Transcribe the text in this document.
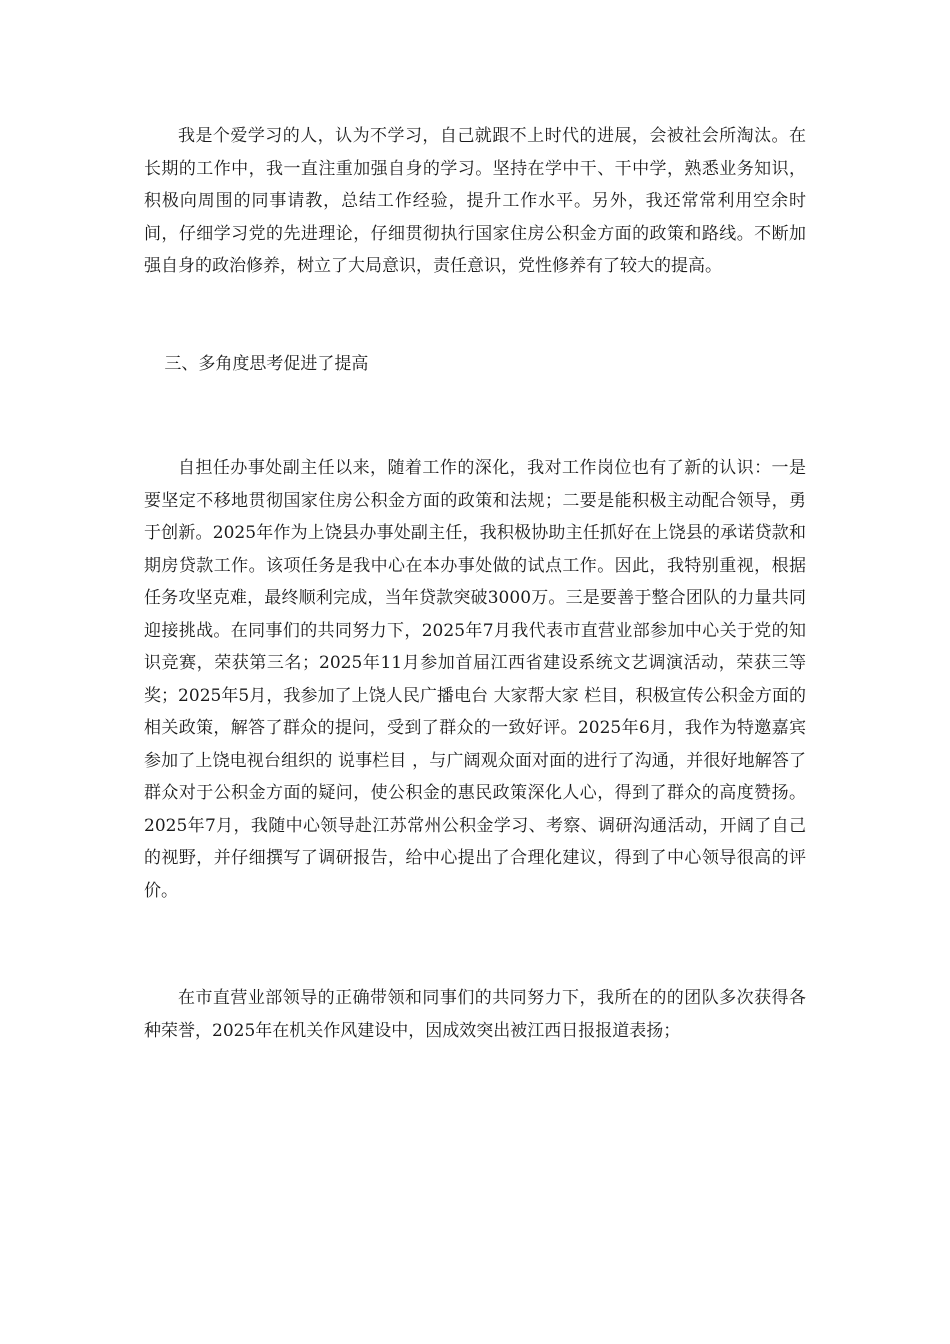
我是个爱学习的人，认为不学习，自己就跟不上时代的进展，会被社会所淘汰。在长期的工作中，我一直注重加强自身的学习。坚持在学中干、干中学，熟悉业务知识，积极向周围的同事请教，总结工作经验，提升工作水平。另外，我还常常利用空余时间，仔细学习党的先进理论，仔细贯彻执行国家住房公积金方面的政策和路线。不断加强自身的政治修养，树立了大局意识，责任意识，党性修养有了较大的提高。

三、多角度思考促进了提高

自担任办事处副主任以来，随着工作的深化，我对工作岗位也有了新的认识：一是要坚定不移地贯彻国家住房公积金方面的政策和法规；二要是能积极主动配合领导，勇于创新。2025年作为上饶县办事处副主任，我积极协助主任抓好在上饶县的承诺贷款和期房贷款工作。该项任务是我中心在本办事处做的试点工作。因此，我特别重视，根据任务攻坚克难，最终顺利完成，当年贷款突破3000万。三是要善于整合团队的力量共同迎接挑战。在同事们的共同努力下，2025年7月我代表市直营业部参加中心关于党的知识竞赛，荣获第三名；2025年11月参加首届江西省建设系统文艺调演活动，荣获三等奖；2025年5月，我参加了上饶人民广播电台 大家帮大家 栏目，积极宣传公积金方面的相关政策，解答了群众的提问，受到了群众的一致好评。2025年6月，我作为特邀嘉宾参加了上饶电视台组织的 说事栏目 ，与广阔观众面对面的进行了沟通，并很好地解答了群众对于公积金方面的疑问，使公积金的惠民政策深化人心，得到了群众的高度赞扬。2025年7月，我随中心领导赴江苏常州公积金学习、考察、调研沟通活动，开阔了自己的视野，并仔细撰写了调研报告，给中心提出了合理化建议，得到了中心领导很高的评价。

在市直营业部领导的正确带领和同事们的共同努力下，我所在的的团队多次获得各种荣誉，2025年在机关作风建设中，因成效突出被江西日报报道表扬；
